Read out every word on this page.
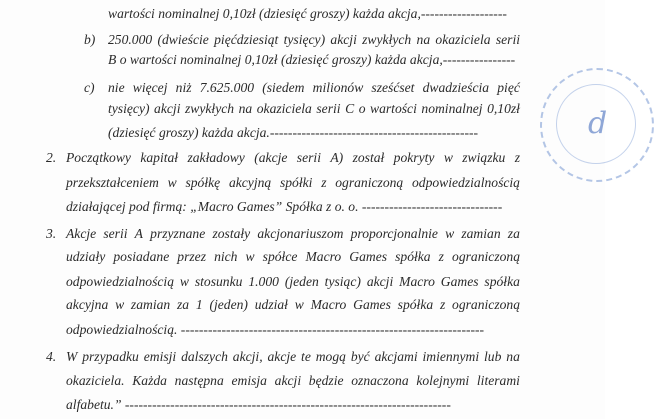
wartości nominalnej 0,10zł (dziesięć groszy) każda akcja,-------------------
b) 250.000 (dwieście pięćdziesiąt tysięcy) akcji zwykłych na okaziciela serii
B o wartości nominalnej 0,10zł (dziesięć groszy) każda akcja,----------------
c) nie więcej niż 7.625.000 (siedem milionów sześćset dwadzieścia pięć
tysięcy) akcji zwykłych na okaziciela serii C o wartości nominalnej 0,10zł
(dziesięć groszy) każda akcja.----------------------------------------------
2. Początkowy kapitał zakładowy (akcje serii A) został pokryty w związku z
przekształceniem w spółkę akcyjną spółki z ograniczoną odpowiedzialnością
działającej pod firmą: „Macro Games” Spółka z o. o. -------------------------------
3. Akcje serii A przyznane zostały akcjonariuszom proporcjonalnie w zamian za
udziały posiadane przez nich w spółce Macro Games spółka z ograniczoną
odpowiedzialnością w stosunku 1.000 (jeden tysiąc) akcji Macro Games spółka
akcyjna w zamian za 1 (jeden) udział w Macro Games spółka z ograniczoną
odpowiedzialnością. -------------------------------------------------------------------
4. W przypadku emisji dalszych akcji, akcje te mogą być akcjami imiennymi lub na
okaziciela. Każda następna emisja akcji będzie oznaczona kolejnymi literami
alfabetu.” ------------------------------------------------------------------------
d
